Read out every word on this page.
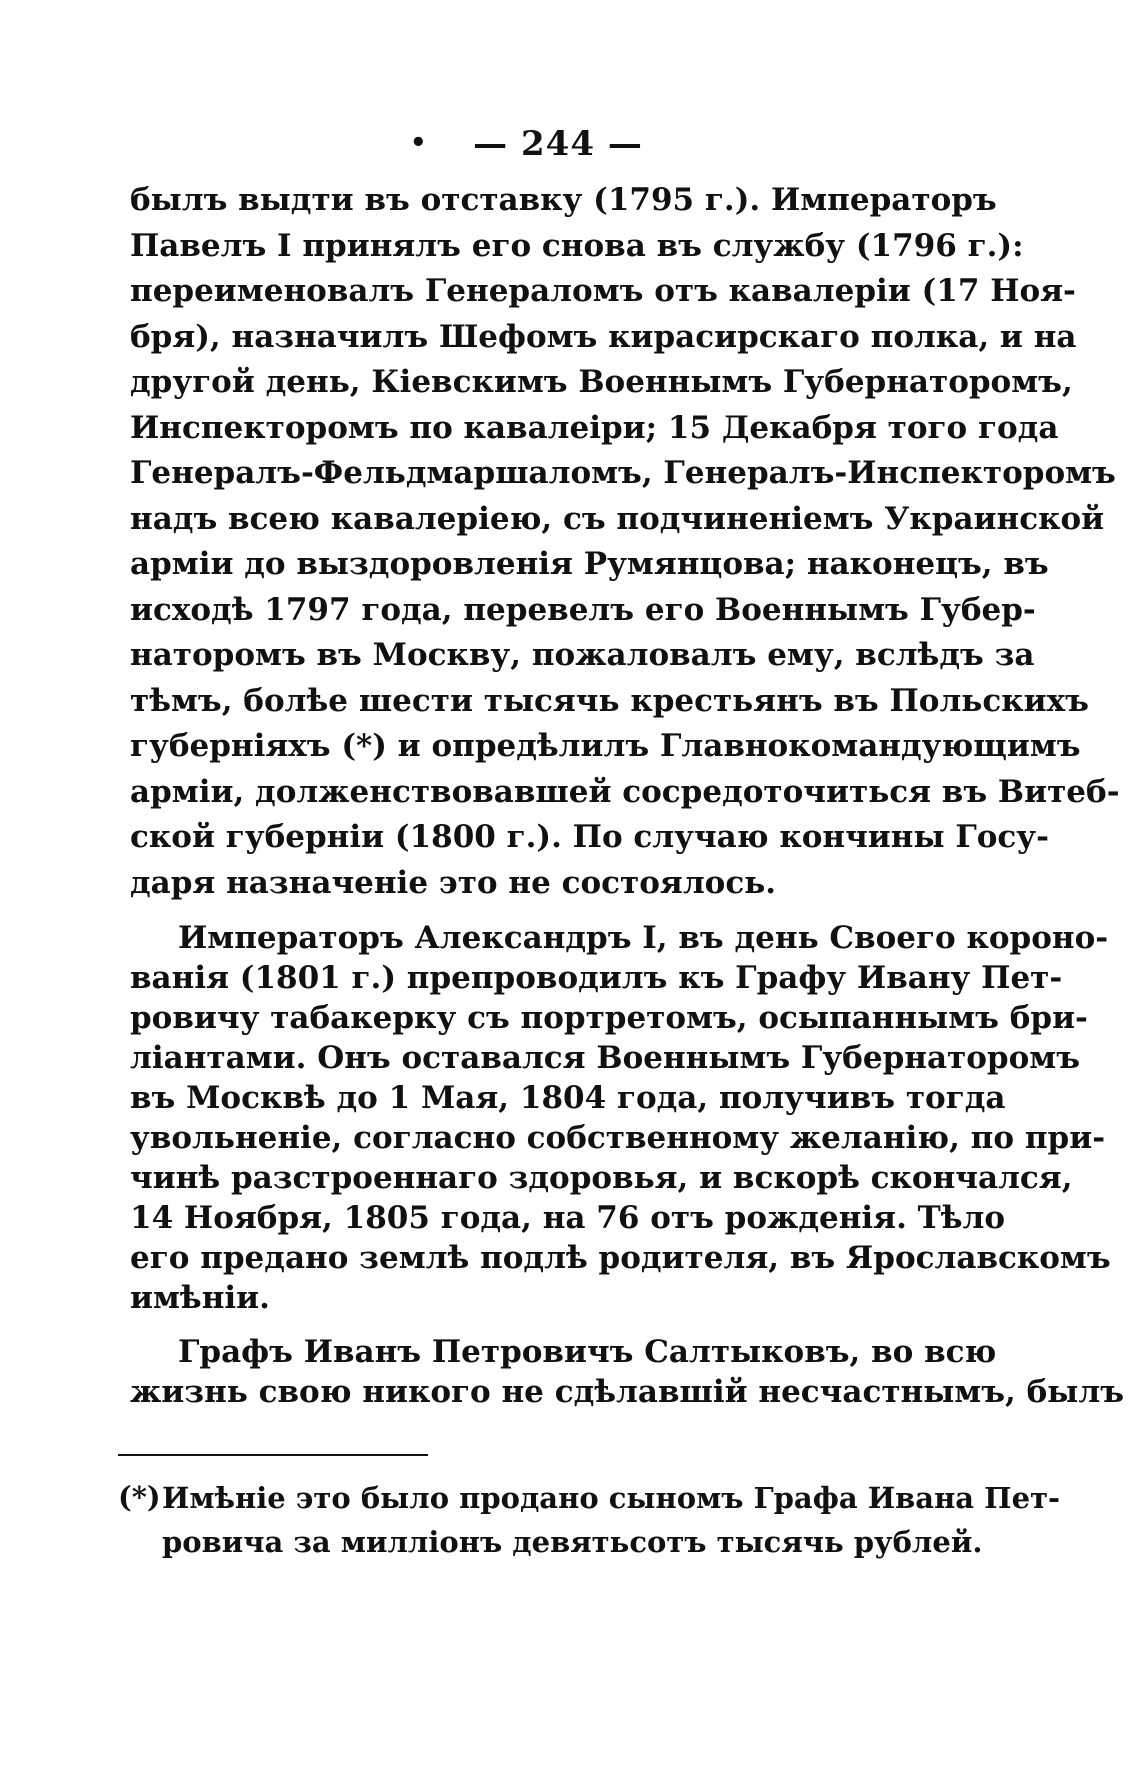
•	— 244 —
былъ выдти въ отставку (1795 г.). Императоръ
Павелъ I принялъ его снова въ службу (1796 г.):
переименовалъ Генераломъ отъ кавалеріи (17 Ноя-
бря), назначилъ Шефомъ кирасирскаго полка, и на
другой день, Кіевскимъ Военнымъ Губернаторомъ,
Инспекторомъ по кавалеіри; 15 Декабря того года
Генералъ-Фельдмаршаломъ, Генералъ-Инспекторомъ
надъ всею кавалеріею, съ подчиненіемъ Украинской
арміи до выздоровленія Румянцова; наконецъ, въ
исходѣ 1797 года, перевелъ его Военнымъ Губер-
наторомъ въ Москву, пожаловалъ ему, вслѣдъ за
тѣмъ, болѣе шести тысячь крестьянъ въ Польскихъ
губерніяхъ (*) и опредѣлилъ Главнокомандующимъ
арміи, долженствовавшей сосредоточиться въ Витеб-
ской губерніи (1800 г.). По случаю кончины Госу-
даря назначеніе это не состоялось.
Императоръ Александръ I, въ день Своего короно-
ванія (1801 г.) препроводилъ къ Графу Ивану Пет-
ровичу табакерку съ портретомъ, осыпаннымъ бри-
ліантами. Онъ оставался Военнымъ Губернаторомъ
въ Москвѣ до 1 Мая, 1804 года, получивъ тогда
увольненіе, согласно собственному желанію, по при-
чинѣ разстроеннаго здоровья, и вскорѣ скончался,
14 Ноября, 1805 года, на 76 отъ рожденія. Тѣло
его предано землѣ подлѣ родителя, въ Ярославскомъ
имѣніи.
Графъ Иванъ Петровичъ Салтыковъ, во всю
жизнь свою никого не сдѣлавшій несчастнымъ, былъ
(*) Имѣніе это было продано сыномъ Графа Ивана Пет-
ровича за милліонъ девятьсотъ тысячь рублей.
